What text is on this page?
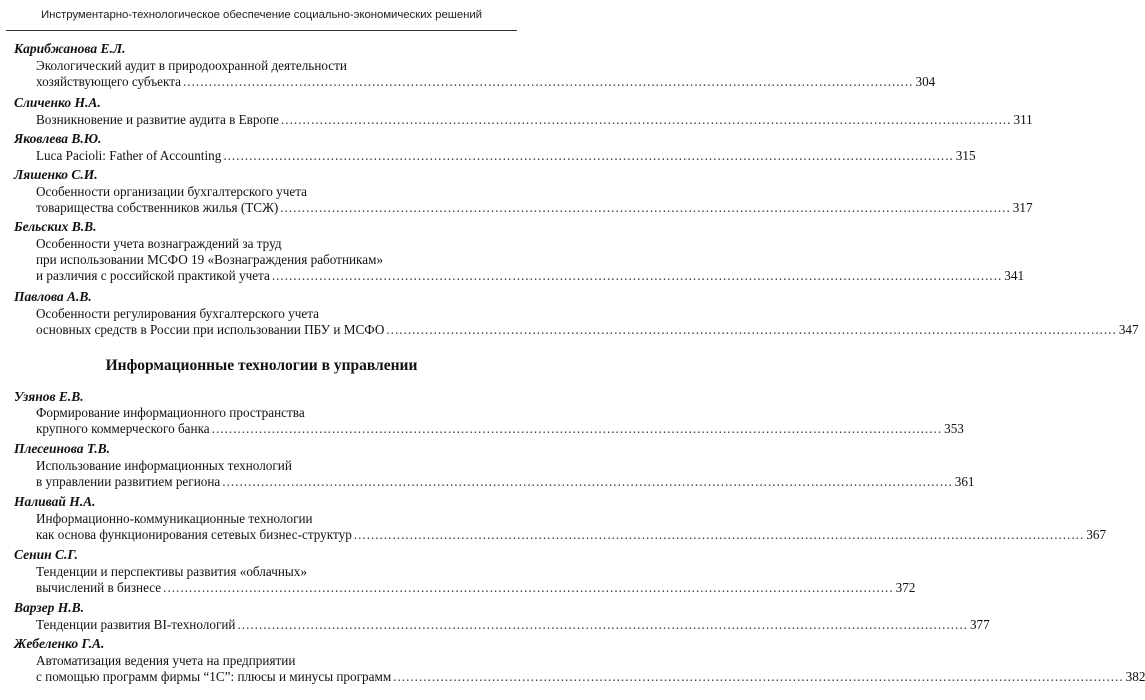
Инструментарно-технологическое обеспечение социально-экономических решений
Карибжанова Е.Л.
Экологический аудит в природоохранной деятельности
хозяйствующего субъекта .......................................................................................................................................................................... 304
Сличенко Н.А.
Возникновение и развитие аудита в Европе .......................................................................................................................................................................... 311
Яковлева В.Ю.
Luca Pacioli: Father of Accounting .......................................................................................................................................................................... 315
Ляшенко С.И.
Особенности организации бухгалтерского учета
товарищества собственников жилья (ТСЖ) .......................................................................................................................................................................... 317
Бельских В.В.
Особенности учета вознаграждений за труд
при использовании МСФО 19 «Вознаграждения работникам»
и различия с российской практикой учета .......................................................................................................................................................................... 341
Павлова А.В.
Особенности регулирования бухгалтерского учета
основных средств в России при использовании ПБУ и МСФО .......................................................................................................................................................................... 347
Информационные технологии в управлении
Узянов Е.В.
Формирование информационного пространства
крупного коммерческого банка .......................................................................................................................................................................... 353
Плесеинова Т.В.
Использование информационных технологий
в управлении развитием региона .......................................................................................................................................................................... 361
Наливай Н.А.
Информационно-коммуникационные технологии
как основа функционирования сетевых бизнес-структур .......................................................................................................................................................................... 367
Сенин С.Г.
Тенденции и перспективы развития «облачных»
вычислений в бизнесе .......................................................................................................................................................................... 372
Варзер Н.В.
Тенденции развития BI-технологий .......................................................................................................................................................................... 377
Жебеленко Г.А.
Автоматизация ведения учета на предприятии
с помощью программ фирмы “1С”: плюсы и минусы программ .......................................................................................................................................................................... 382
